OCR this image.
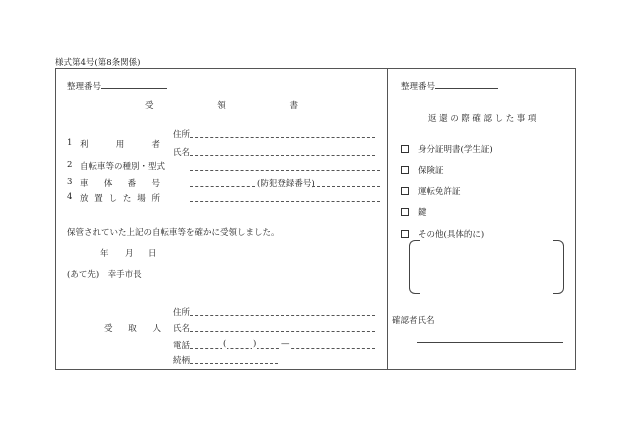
様式第4号(第8条関係)
整理番号
受	領	書
1 利	用	者
住所
氏名
2 自転車等の種別・型式
3 車 体 番 号	(防犯登録番号)
4 放 置 し た 場 所
保管されていた上記の自転車等を確かに受領しました。
年 月 日
(あて先)　幸手市長
住所
受 取 人 氏名
電話	(	)	—
続柄
整理番号
返還の際確認した事項
身分証明書(学生証)
保険証
運転免許証
鍵
その他(具体的に)
確認者氏名
